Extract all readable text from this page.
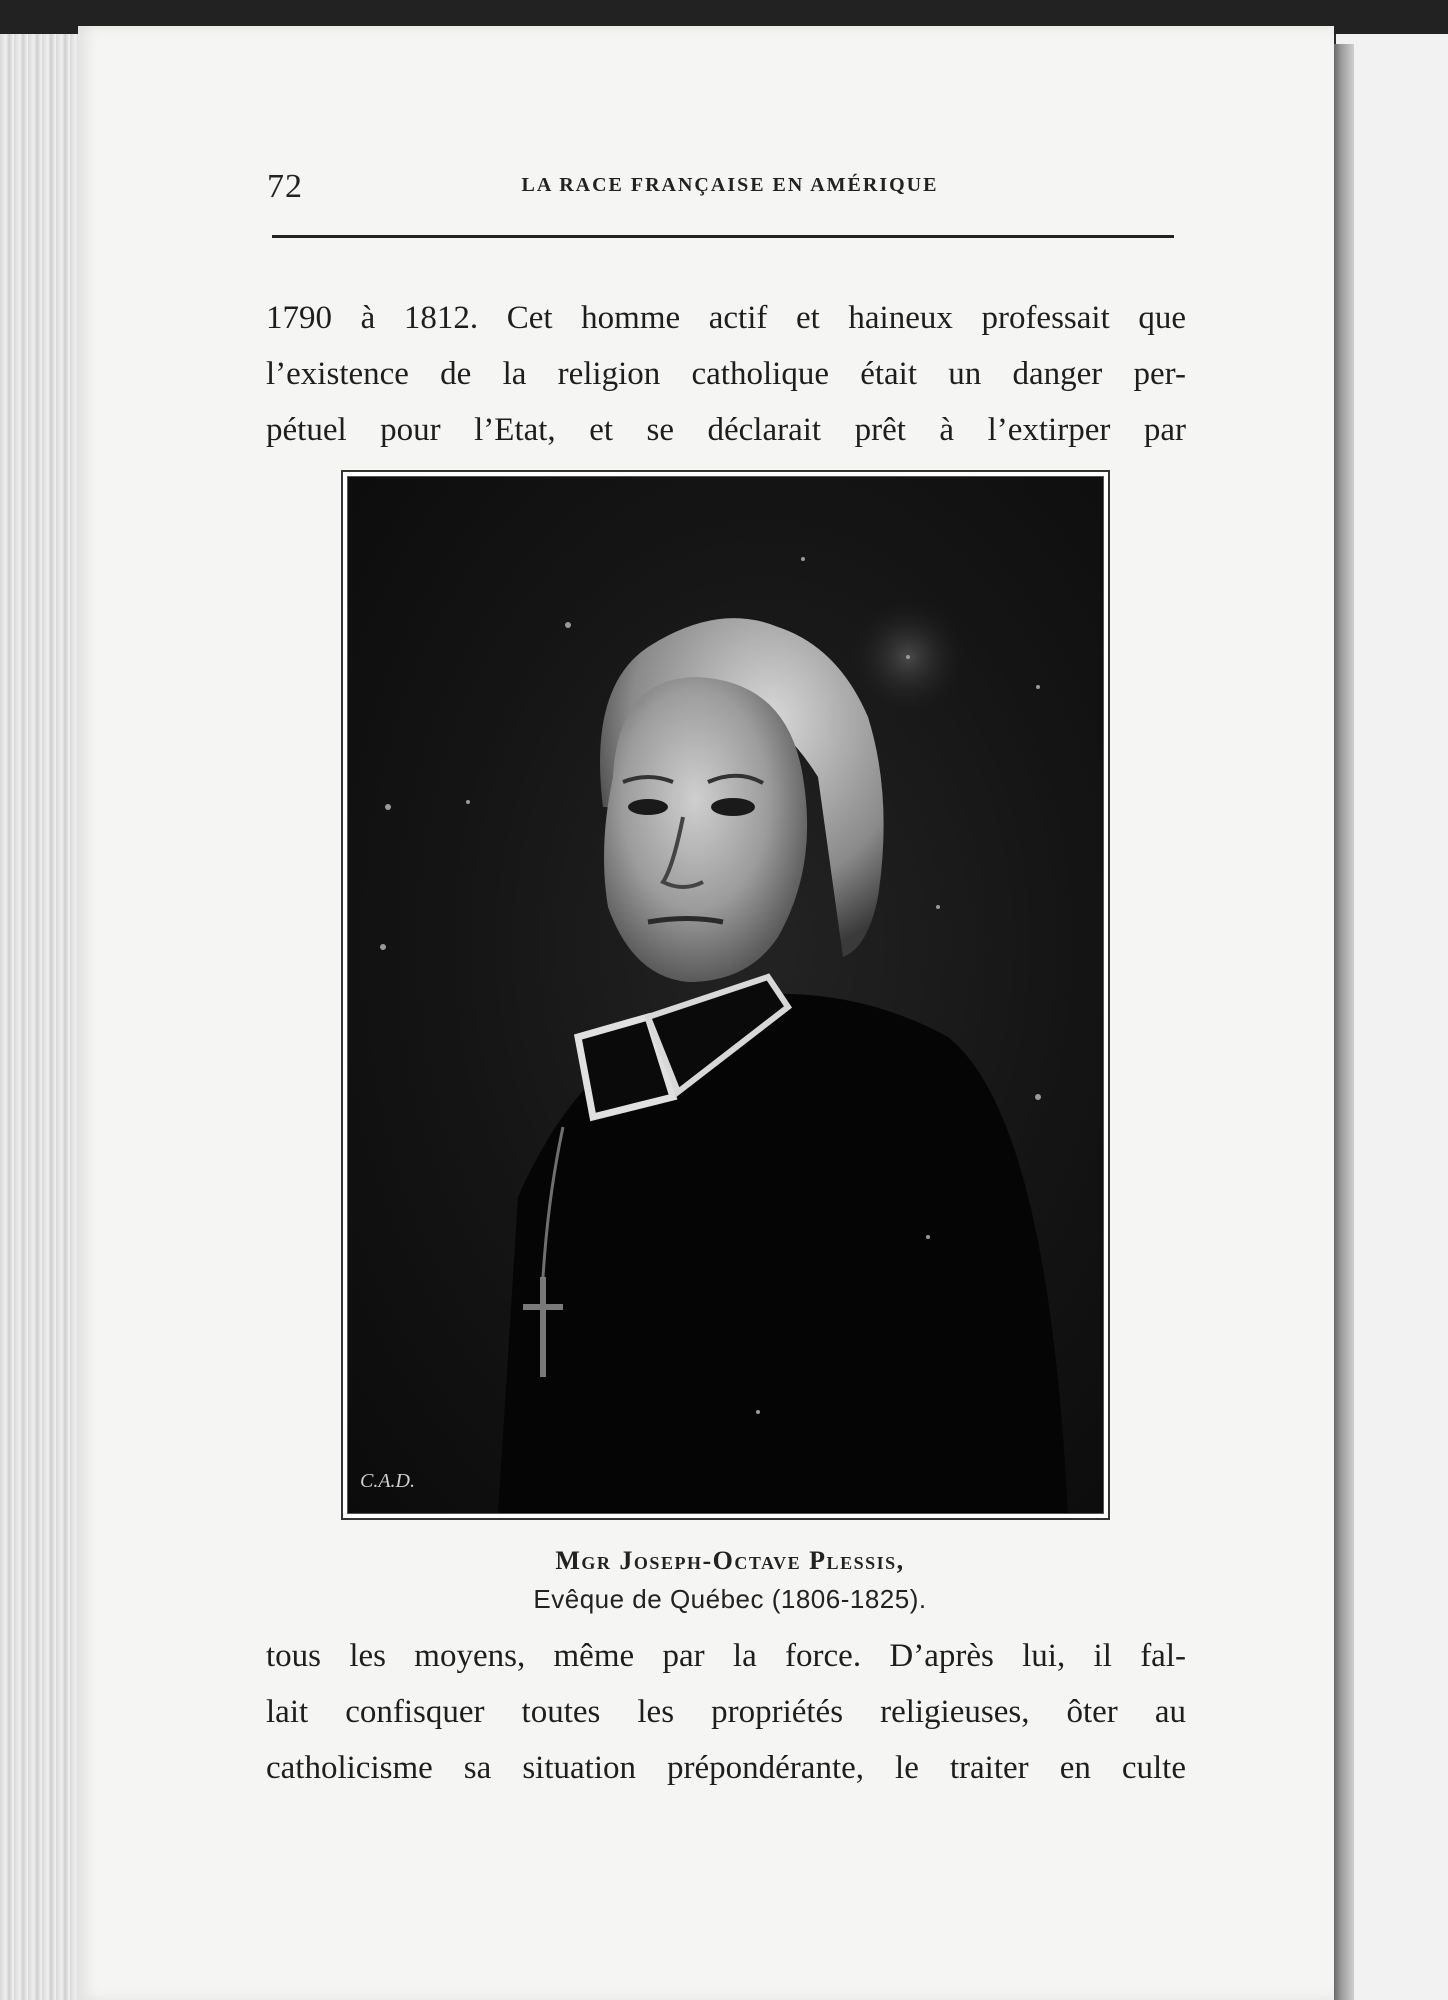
72	LA RACE FRANÇAISE EN AMÉRIQUE
1790 à 1812. Cet homme actif et haineux professait que
l’existence de la religion catholique était un danger per-
pétuel pour l’Etat, et se déclarait prêt à l’extirper par
C.A.D.
Mgr Joseph-Octave Plessis,
Evêque de Québec (1806-1825).
tous les moyens, même par la force. D’après lui, il fal-
lait confisquer toutes les propriétés religieuses, ôter au
catholicisme sa situation prépondérante, le traiter en culte
